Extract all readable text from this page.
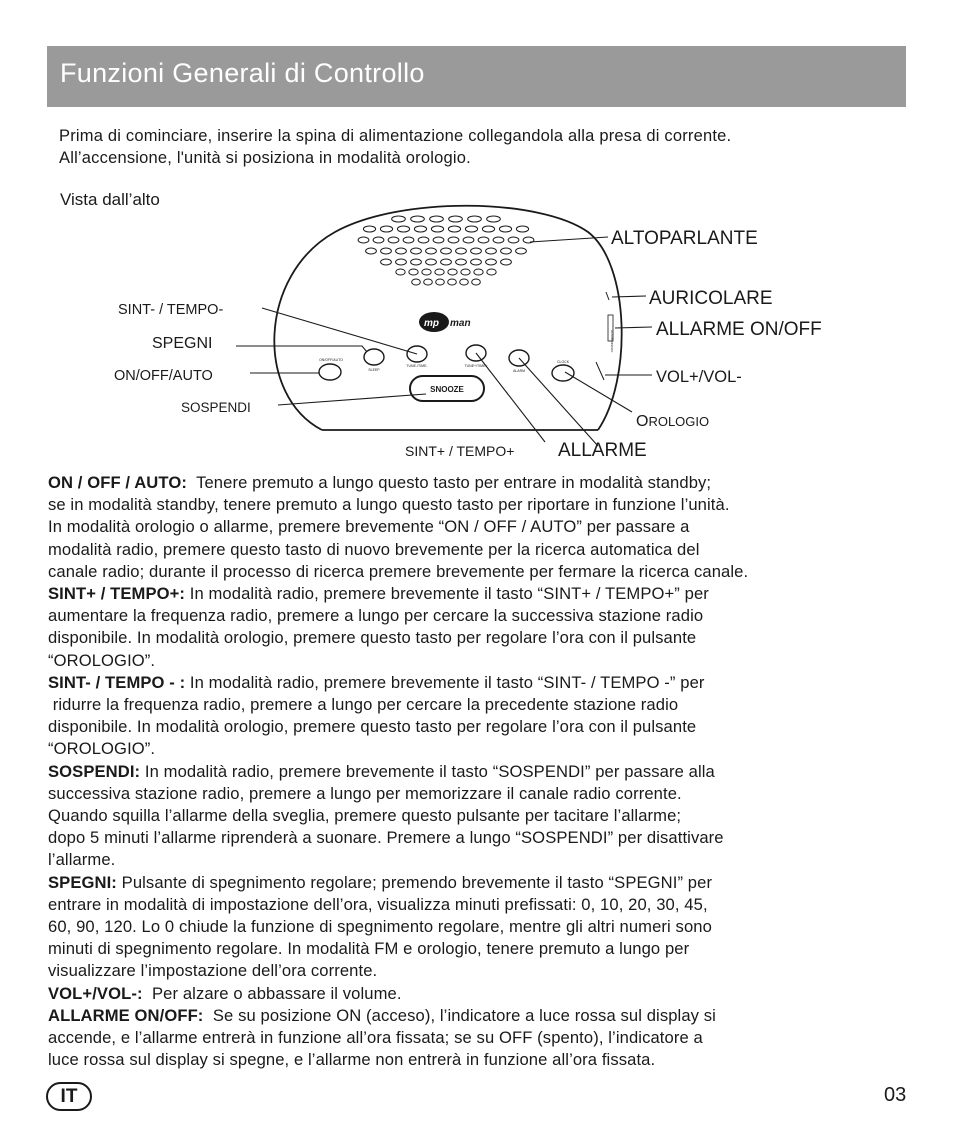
Funzioni Generali di Controllo
Prima di cominciare, inserire la spina di alimentazione collegandola alla presa di corrente.
All’accensione, l'unità si posiziona in modalità orologio.
Vista dall’alto
mp man
ALARM ON/OFF
SNOOZE
ON/OFF/AUTO
SLEEP
TUNE-/TIME-	TUNE+/TIME+
ALARM
CLOCK
ALTOPARLANTE
AURICOLARE
ALLARME ON/OFF
VOL+/VOL-
OROLOGIO
ALLARME
SINT+ / TEMPO+
SINT- / TEMPO-
SPEGNI
ON/OFF/AUTO
SOSPENDI

ON / OFF / AUTO:  Tenere premuto a lungo questo tasto per entrare in modalità standby;

se in modalità standby, tenere premuto a lungo questo tasto per riportare in funzione l’unità.

In modalità orologio o allarme, premere brevemente “ON / OFF / AUTO” per passare a

modalità radio, premere questo tasto di nuovo brevemente per la ricerca automatica del

canale radio; durante il processo di ricerca premere brevemente per fermare la ricerca canale.

SINT+ / TEMPO+: In modalità radio, premere brevemente il tasto “SINT+ / TEMPO+” per

aumentare la frequenza radio, premere a lungo per cercare la successiva stazione radio

disponibile. In modalità orologio, premere questo tasto per regolare l’ora con il pulsante

“OROLOGIO”.

SINT- / TEMPO - : In modalità radio, premere brevemente il tasto “SINT- / TEMPO -” per

ridurre la frequenza radio, premere a lungo per cercare la precedente stazione radio

disponibile. In modalità orologio, premere questo tasto per regolare l’ora con il pulsante

“OROLOGIO”.

SOSPENDI: In modalità radio, premere brevemente il tasto “SOSPENDI” per passare alla

successiva stazione radio, premere a lungo per memorizzare il canale radio corrente.

Quando squilla l’allarme della sveglia, premere questo pulsante per tacitare l’allarme;

dopo 5 minuti l’allarme riprenderà a suonare. Premere a lungo “SOSPENDI” per disattivare

l’allarme.

SPEGNI: Pulsante di spegnimento regolare; premendo brevemente il tasto “SPEGNI” per

entrare in modalità di impostazione dell’ora, visualizza minuti prefissati: 0, 10, 20, 30, 45,

60, 90, 120. Lo 0 chiude la funzione di spegnimento regolare, mentre gli altri numeri sono

minuti di spegnimento regolare. In modalità FM e orologio, tenere premuto a lungo per

visualizzare l’impostazione dell’ora corrente.

VOL+/VOL-:  Per alzare o abbassare il volume.

ALLARME ON/OFF:  Se su posizione ON (acceso), l’indicatore a luce rossa sul display si

accende, e l’allarme entrerà in funzione all’ora fissata; se su OFF (spento), l’indicatore a

luce rossa sul display si spegne, e l’allarme non entrerà in funzione all’ora fissata.

IT	03
